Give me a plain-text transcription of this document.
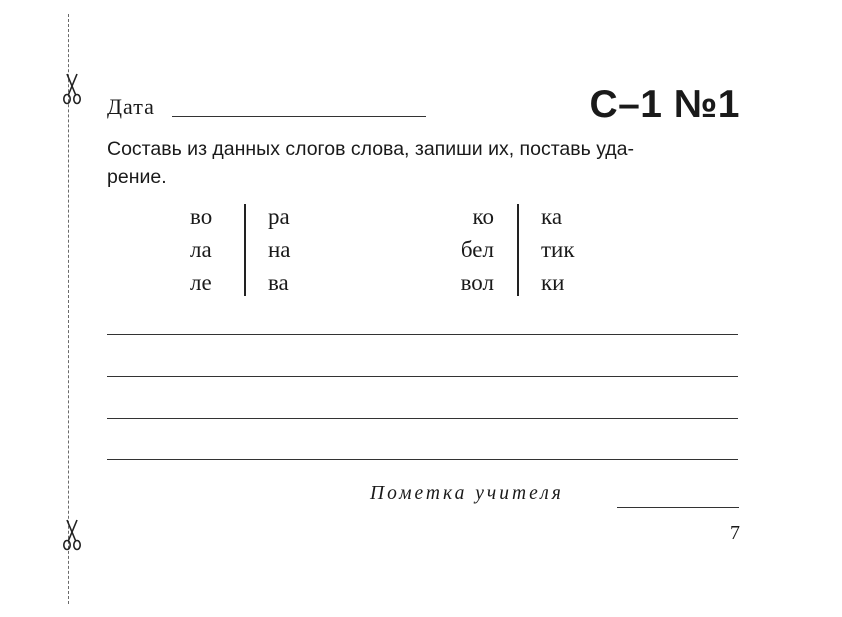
Дата	С–1 №1
Составь из данных слогов слова, запиши их, поставь уда-
рение.
во
ла
ле
ра
на
ва
ко
бел
вол
ка
тик
ки
Пометка учителя
7
